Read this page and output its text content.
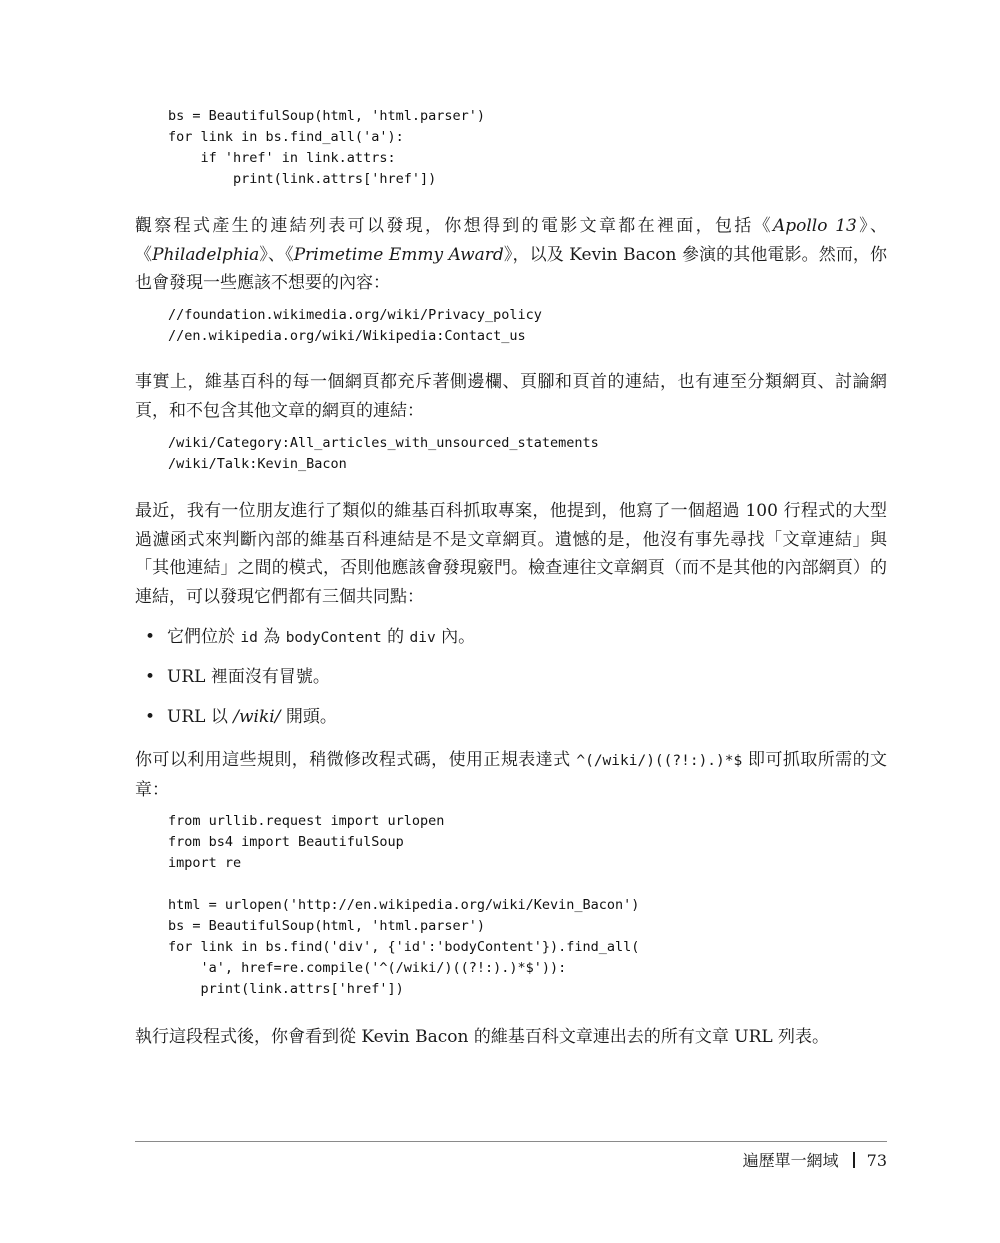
bs = BeautifulSoup(html, 'html.parser')
for link in bs.find_all('a'):
if 'href' in link.attrs:
print(link.attrs['href'])

觀察程式產生的連結列表可以發現，你想得到的電影文章都在裡面，包括《Apollo 13》、《Philadelphia》、《Primetime Emmy Award》，以及 Kevin Bacon 參演的其他電影。然而，你也會發現一些應該不想要的內容：

//foundation.wikimedia.org/wiki/Privacy_policy
//en.wikipedia.org/wiki/Wikipedia:Contact_us

事實上，維基百科的每一個網頁都充斥著側邊欄、頁腳和頁首的連結，也有連至分類網頁、討論網頁，和不包含其他文章的網頁的連結：

/wiki/Category:All_articles_with_unsourced_statements
/wiki/Talk:Kevin_Bacon

最近，我有一位朋友進行了類似的維基百科抓取專案，他提到，他寫了一個超過 100 行程式的大型過濾函式來判斷內部的維基百科連結是不是文章網頁。遺憾的是，他沒有事先尋找「文章連結」與「其他連結」之間的模式，否則他應該會發現竅門。檢查連往文章網頁（而不是其他的內部網頁）的連結，可以發現它們都有三個共同點：

• 它們位於 id 為 bodyContent 的 div 內。
• URL 裡面沒有冒號。
• URL 以 /wiki/ 開頭。

你可以利用這些規則，稍微修改程式碼，使用正規表達式 ^(/wiki/)((?!:).)*$ 即可抓取所需的文章：

from urllib.request import urlopen
from bs4 import BeautifulSoup
import re

html = urlopen('http://en.wikipedia.org/wiki/Kevin_Bacon')
bs = BeautifulSoup(html, 'html.parser')
for link in bs.find('div', {'id':'bodyContent'}).find_all(
'a', href=re.compile('^(/wiki/)((?!:).)*$')):
print(link.attrs['href'])

執行這段程式後，你會看到從 Kevin Bacon 的維基百科文章連出去的所有文章 URL 列表。

遍歷單一網域 73
